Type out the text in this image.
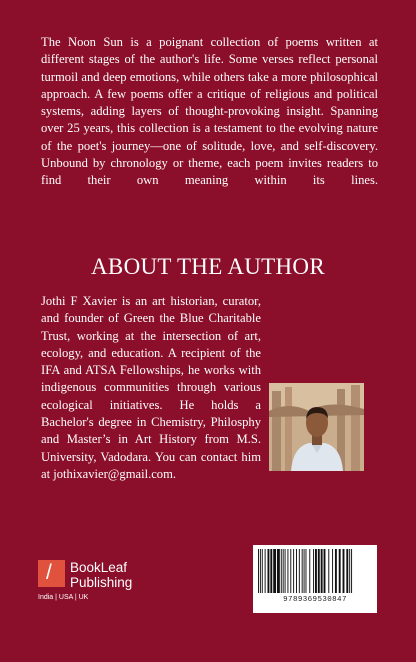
The Noon Sun is a poignant collection of poems written at different stages of the author's life. Some verses reflect personal turmoil and deep emotions, while others take a more philosophical approach. A few poems offer a critique of religious and political systems, adding layers of thought-provoking insight. Spanning over 25 years, this collection is a testament to the evolving nature of the poet's journey—one of solitude, love, and self-discovery. Unbound by chronology or theme, each poem invites readers to find their own meaning within its lines.
ABOUT THE AUTHOR
Jothi F Xavier is an art historian, curator, and founder of Green the Blue Charitable Trust, working at the intersection of art, ecology, and education. A recipient of the IFA and ATSA Fellowships, he works with indigenous communities through various ecological initiatives. He holds a Bachelor's degree in Chemistry, Philosphy and Master’s in Art History from M.S. University, Vadodara. You can contact him at jothixavier@gmail.com.
/ BookLeaf
Publishing
India | USA | UK	9789369530847
